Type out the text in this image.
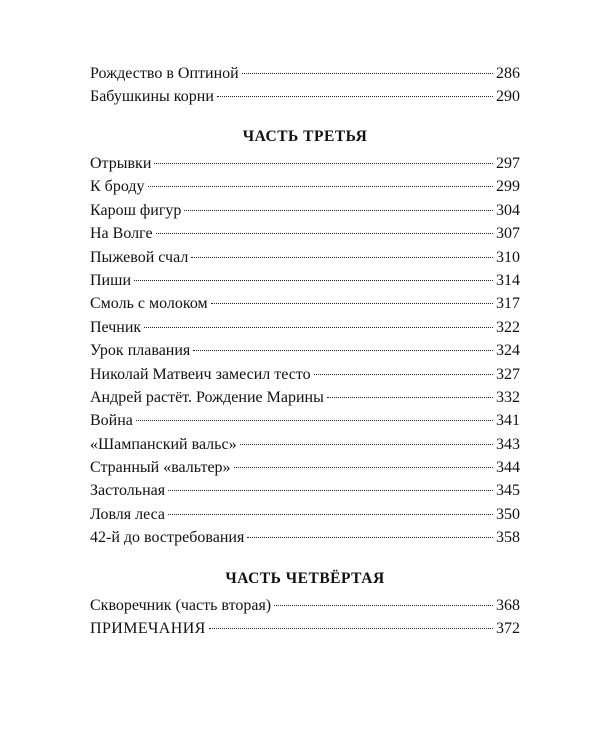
Рождество в Оптиной	286
Бабушкины корни	290
ЧАСТЬ ТРЕТЬЯ
Отрывки	297
К броду	299
Карош фигур	304
На Волге	307
Пыжевой счал	310
Пиши	314
Смоль с молоком	317
Печник	322
Урок плавания	324
Николай Матвеич замесил тесто	327
Андрей растёт. Рождение Марины	332
Война	341
«Шампанский вальс»	343
Странный «вальтер»	344
Застольная	345
Ловля леса	350
42-й до востребования	358
ЧАСТЬ ЧЕТВЁРТАЯ
Скворечник (часть вторая)	368
ПРИМЕЧАНИЯ	372
